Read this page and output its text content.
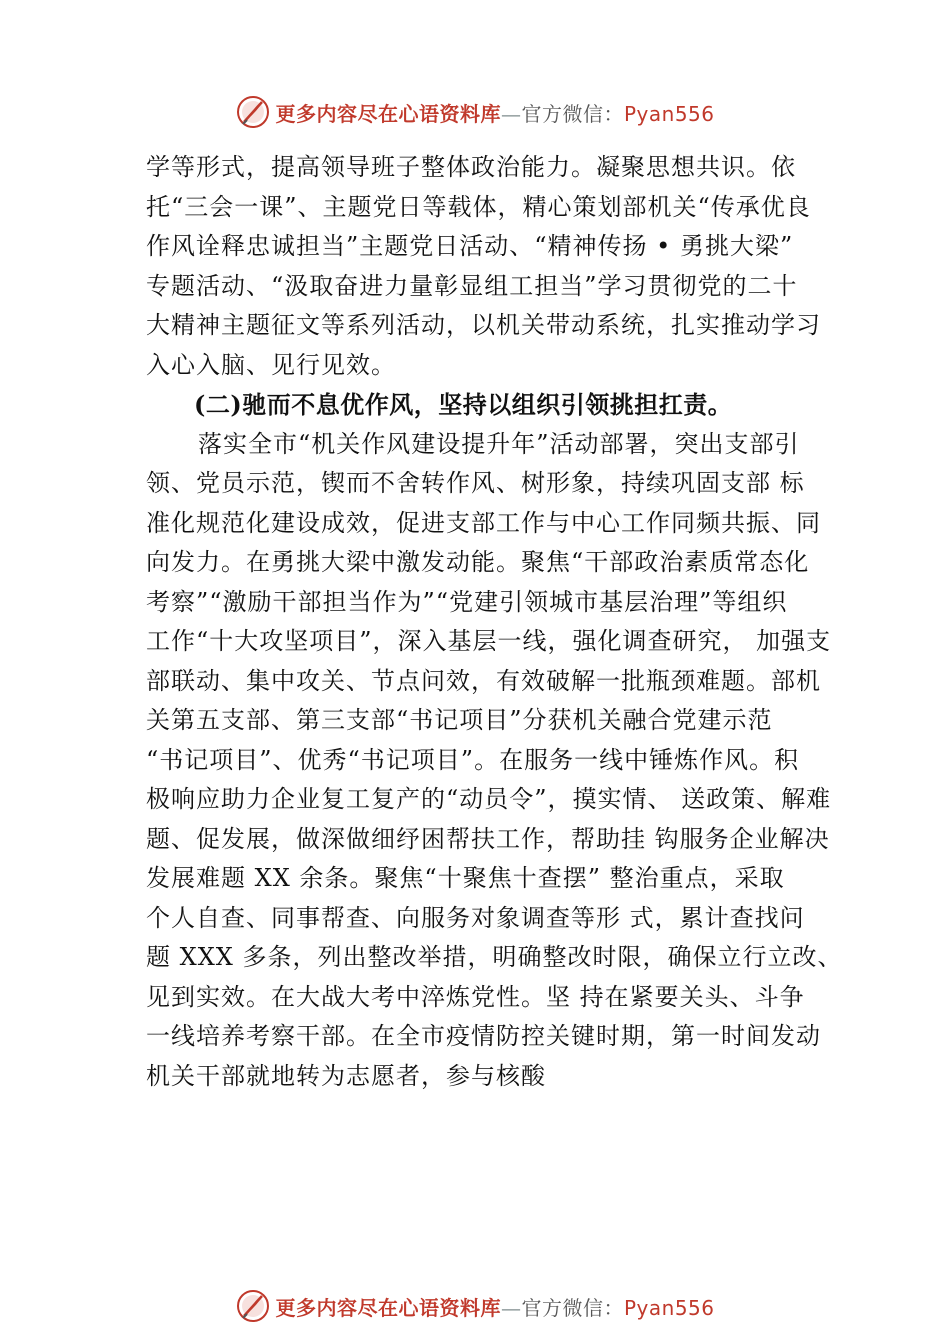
更多内容尽在心语资料库—官方微信：Pyan556
学等形式，提高领导班子整体政治能力。凝聚思想共识。依
托“三会一课”、主题党日等载体，精心策划部机关“传承优良
作风诠释忠诚担当”主题党日活动、“精神传扬 • 勇挑大梁”
专题活动、“汲取奋进力量彰显组工担当”学习贯彻党的二十
大精神主题征文等系列活动，以机关带动系统，扎实推动学习
入心入脑、见行见效。
(二)驰而不息优作风，坚持以组织引领挑担扛责。
落实全市“机关作风建设提升年”活动部署，突出支部引
领、党员示范，锲而不舍转作风、树形象，持续巩固支部 标
准化规范化建设成效，促进支部工作与中心工作同频共振、同
向发力。在勇挑大梁中激发动能。聚焦“干部政治素质常态化
考察”“激励干部担当作为”“党建引领城市基层治理”等组织
工作“十大攻坚项目”，深入基层一线，强化调查研究， 加强支
部联动、集中攻关、节点问效，有效破解一批瓶颈难题。部机
关第五支部、第三支部“书记项目”分获机关融合党建示范
“书记项目”、优秀“书记项目”。在服务一线中锤炼作风。积
极响应助力企业复工复产的“动员令”，摸实情、 送政策、解难
题、促发展，做深做细纾困帮扶工作，帮助挂 钩服务企业解决
发展难题 XX 余条。聚焦“十聚焦十查摆” 整治重点，采取
个人自查、同事帮查、向服务对象调查等形 式，累计查找问
题 XXX 多条，列出整改举措，明确整改时限，确保立行立改、
见到实效。在大战大考中淬炼党性。坚 持在紧要关头、斗争
一线培养考察干部。在全市疫情防控关键时期，第一时间发动
机关干部就地转为志愿者，参与核酸
更多内容尽在心语资料库—官方微信：Pyan556
